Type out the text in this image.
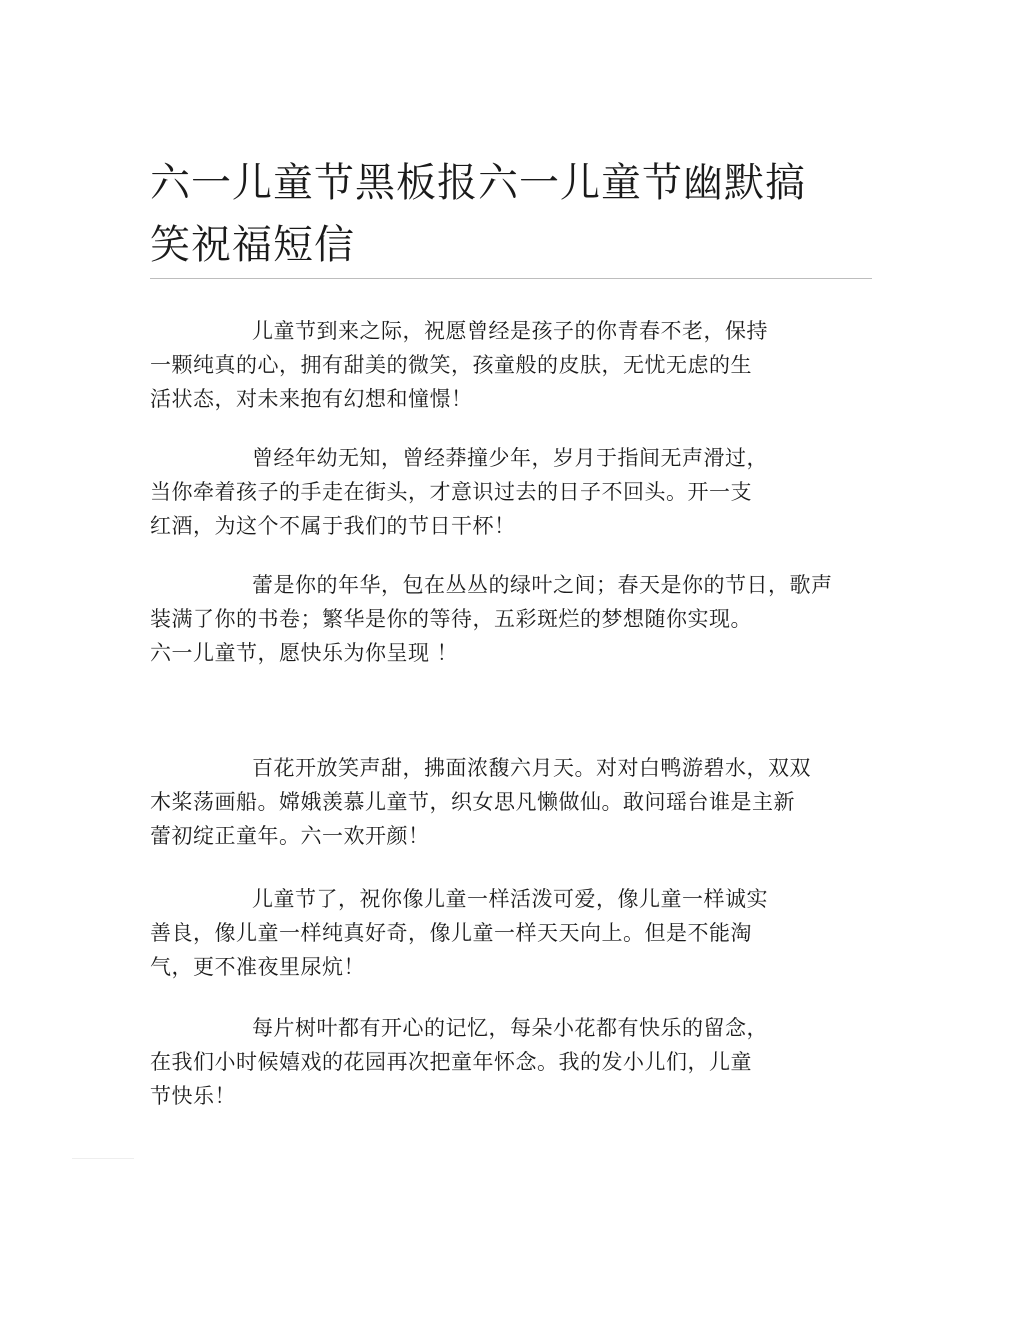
六一儿童节黑板报六一儿童节幽默搞
笑祝福短信

儿童节到来之际，祝愿曾经是孩子的你青春不老，保持
一颗纯真的心，拥有甜美的微笑，孩童般的皮肤，无忧无虑的生
活状态，对未来抱有幻想和憧憬！

曾经年幼无知，曾经莽撞少年，岁月于指间无声滑过，
当你牵着孩子的手走在街头，才意识过去的日子不回头。开一支
红酒，为这个不属于我们的节日干杯！

蕾是你的年华，包在丛丛的绿叶之间；春天是你的节日，歌声
装满了你的书卷；繁华是你的等待，五彩斑烂的梦想随你实现。
六一儿童节，愿快乐为你呈现 ！

百花开放笑声甜，拂面浓馥六月天。对对白鸭游碧水，双双
木桨荡画船。嫦娥羡慕儿童节，织女思凡懒做仙。敢问瑶台谁是主新
蕾初绽正童年。六一欢开颜！

儿童节了，祝你像儿童一样活泼可爱，像儿童一样诚实
善良，像儿童一样纯真好奇，像儿童一样天天向上。但是不能淘
气，更不准夜里尿炕！

每片树叶都有开心的记忆，每朵小花都有快乐的留念，
在我们小时候嬉戏的花园再次把童年怀念。我的发小儿们，儿童
节快乐！
